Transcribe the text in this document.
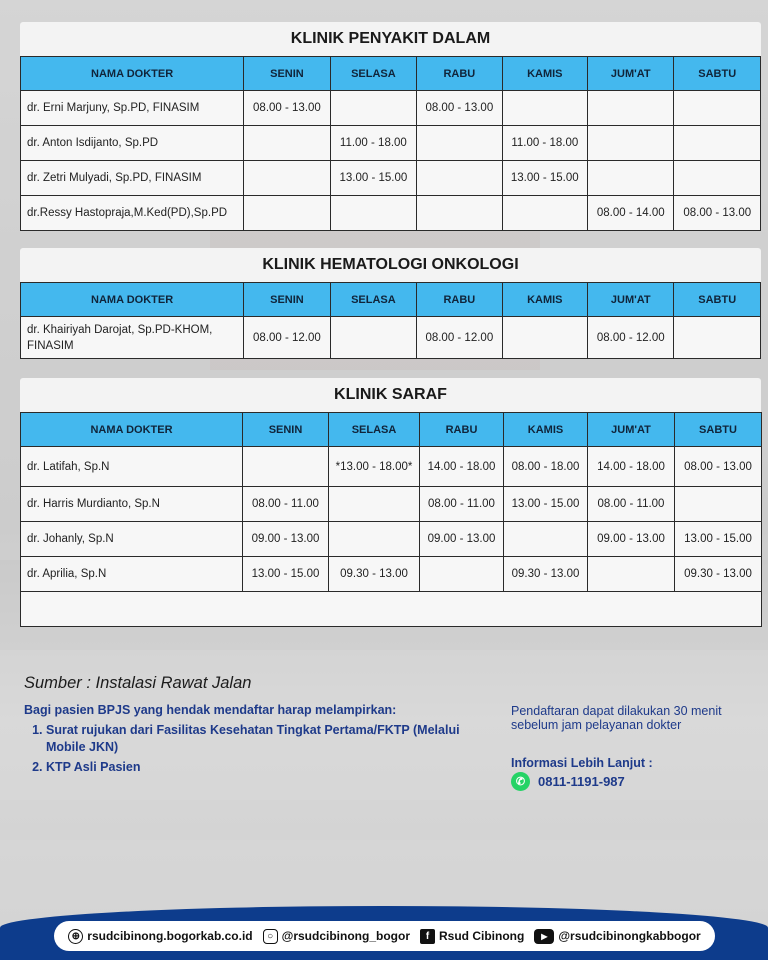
KLINIK PENYAKIT DALAM
NAMA DOKTER	SENIN	SELASA	RABU	KAMIS	JUM'AT	SABTU
dr. Erni Marjuny, Sp.PD, FINASIM	08.00 - 13.00		08.00 - 13.00			
dr. Anton Isdijanto, Sp.PD		11.00 - 18.00		11.00 - 18.00		
dr. Zetri Mulyadi, Sp.PD, FINASIM		13.00 - 15.00		13.00 - 15.00		
dr.Ressy Hastopraja,M.Ked(PD),Sp.PD					08.00 - 14.00	08.00 - 13.00
KLINIK HEMATOLOGI ONKOLOGI
NAMA DOKTER	SENIN	SELASA	RABU	KAMIS	JUM'AT	SABTU
dr. Khairiyah Darojat, Sp.PD-KHOM, FINASIM	08.00 - 12.00		08.00 - 12.00		08.00 - 12.00	
KLINIK SARAF
NAMA DOKTER	SENIN	SELASA	RABU	KAMIS	JUM'AT	SABTU
dr. Latifah, Sp.N		*13.00 - 18.00*	14.00 - 18.00	08.00 - 18.00	14.00 - 18.00	08.00 - 13.00
dr. Harris Murdianto, Sp.N	08.00 - 11.00		08.00 - 11.00	13.00 - 15.00	08.00 - 11.00	
dr. Johanly, Sp.N	09.00 - 13.00		09.00 - 13.00		09.00 - 13.00	13.00 - 15.00
dr. Aprilia, Sp.N	13.00 - 15.00	09.30 - 13.00		09.30 - 13.00		09.30 - 13.00

Sumber : Instalasi Rawat Jalan
Bagi pasien BPJS yang hendak mendaftar harap melampirkan:
1. Surat rujukan dari Fasilitas Kesehatan Tingkat Pertama/FKTP (Melalui Mobile JKN)
2. KTP Asli Pasien
Pendaftaran dapat dilakukan 30 menit sebelum jam pelayanan dokter
Informasi Lebih Lanjut :
✆ 0811-1191-987
⊕ rsudcibinong.bogorkab.co.id	○ @rsudcibinong_bogor	f Rsud Cibinong	▶ @rsudcibinongkabbogor
